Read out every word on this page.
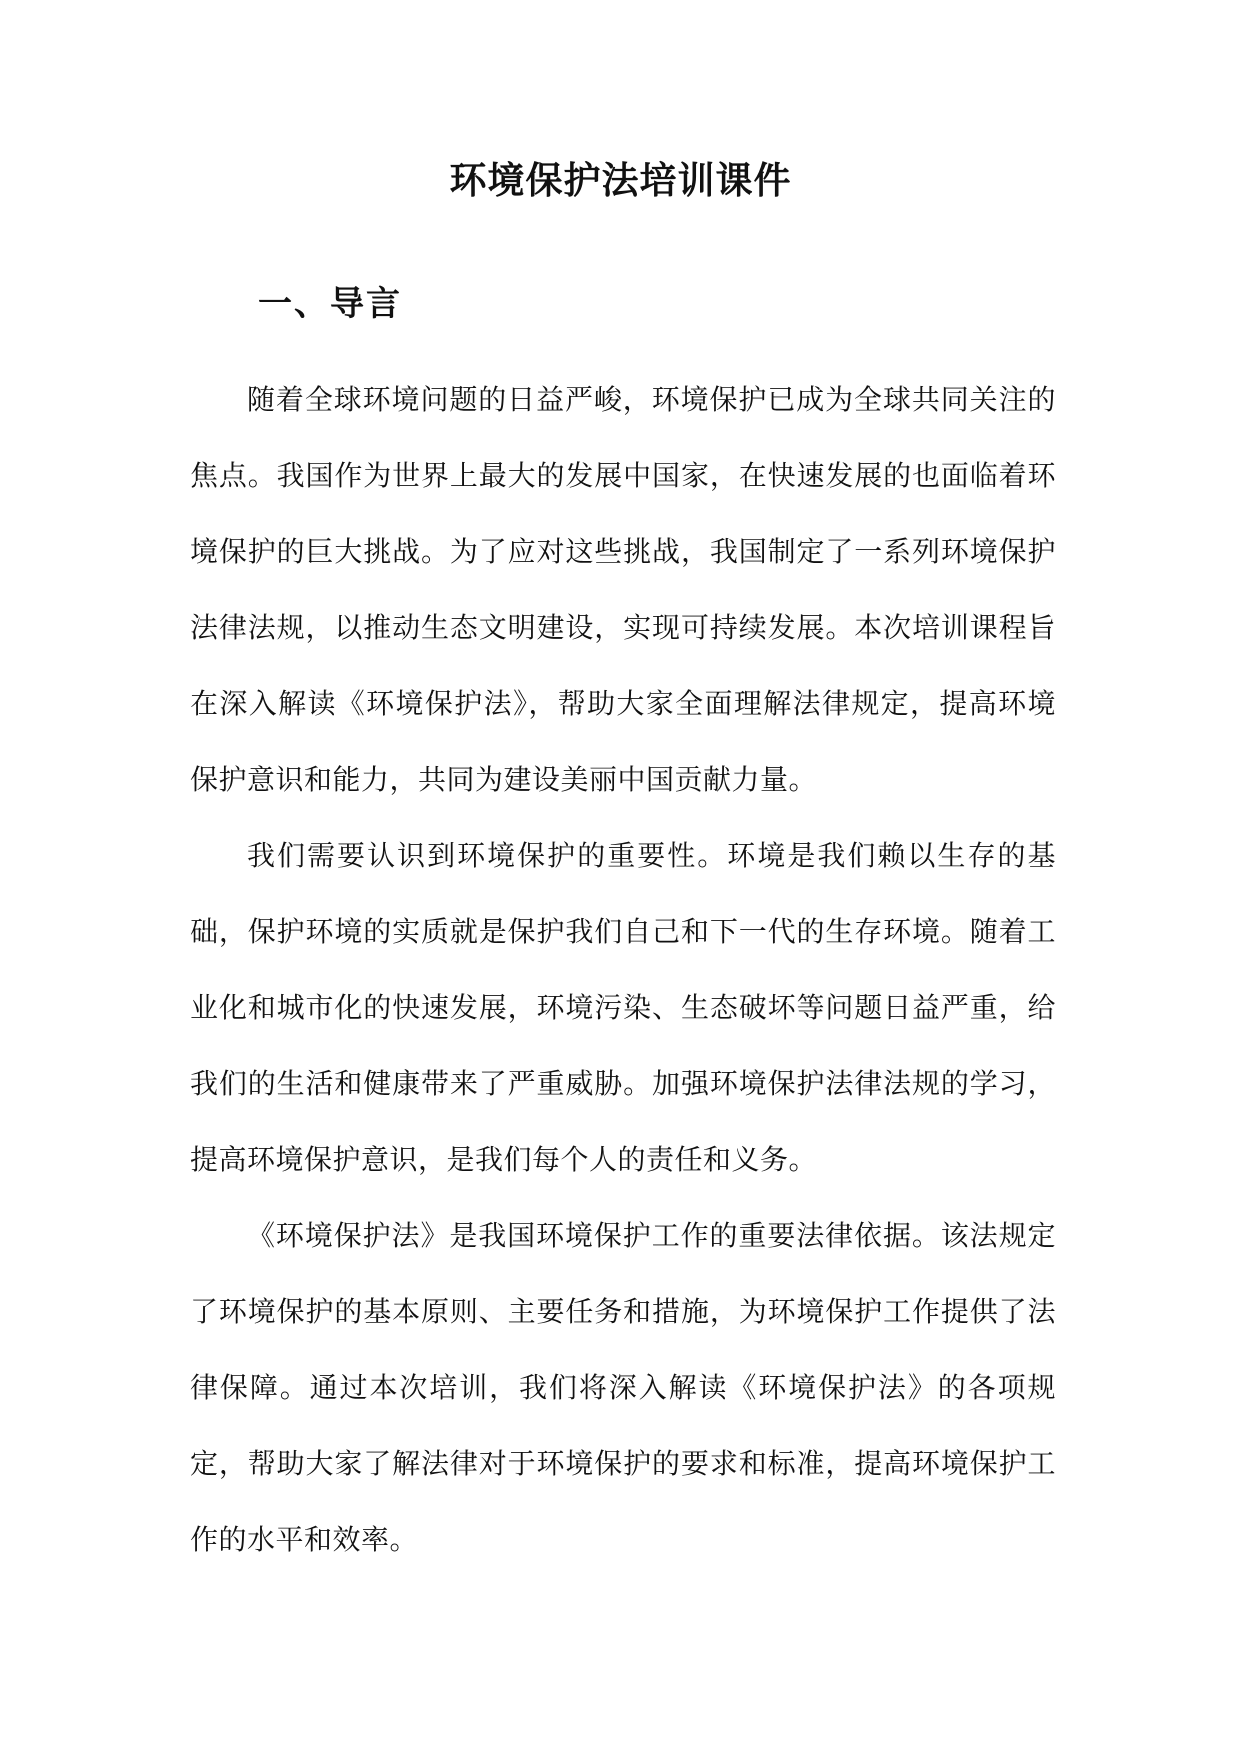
环境保护法培训课件
一、导言

随着全球环境问题的日益严峻，环境保护已成为全球共同关注的焦点。我国作为世界上最大的发展中国家，在快速发展的也面临着环境保护的巨大挑战。为了应对这些挑战，我国制定了一系列环境保护法律法规，以推动生态文明建设，实现可持续发展。本次培训课程旨在深入解读《环境保护法》，帮助大家全面理解法律规定，提高环境保护意识和能力，共同为建设美丽中国贡献力量。

我们需要认识到环境保护的重要性。环境是我们赖以生存的基础，保护环境的实质就是保护我们自己和下一代的生存环境。随着工业化和城市化的快速发展，环境污染、生态破坏等问题日益严重，给我们的生活和健康带来了严重威胁。加强环境保护法律法规的学习，提高环境保护意识，是我们每个人的责任和义务。

《环境保护法》是我国环境保护工作的重要法律依据。该法规定了环境保护的基本原则、主要任务和措施，为环境保护工作提供了法律保障。通过本次培训，我们将深入解读《环境保护法》的各项规定，帮助大家了解法律对于环境保护的要求和标准，提高环境保护工作的水平和效率。
